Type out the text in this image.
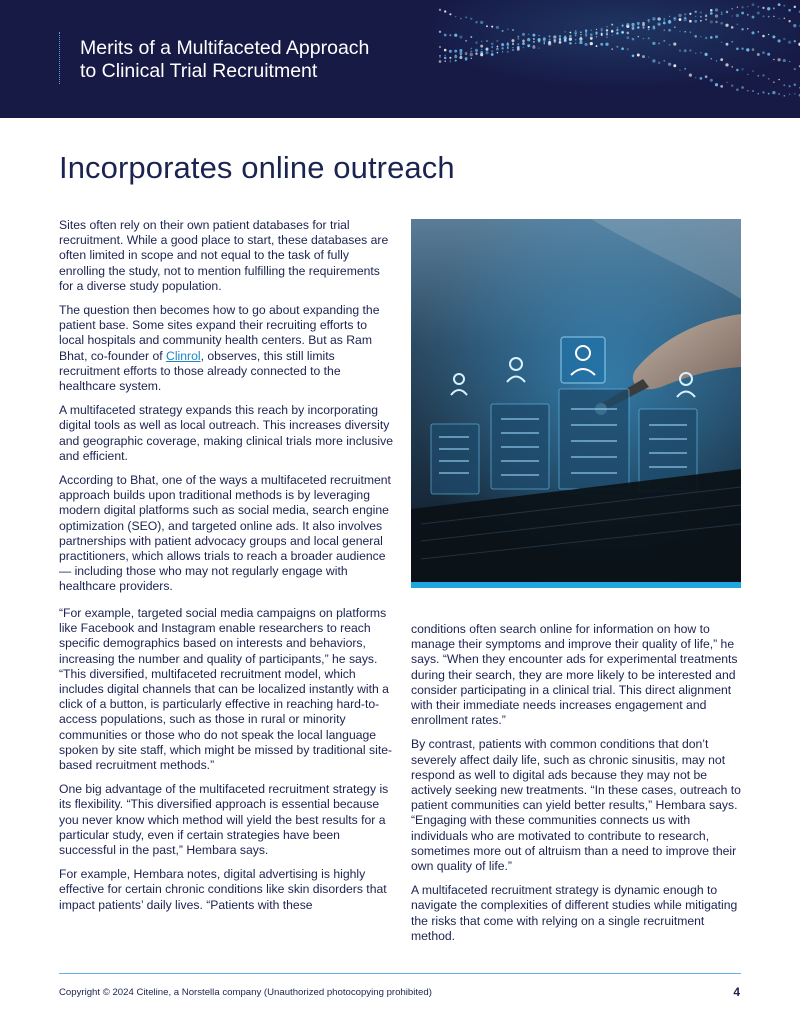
Merits of a Multifaceted Approach
to Clinical Trial Recruitment
Incorporates online outreach

Sites often rely on their own patient databases for trial recruitment. While a good place to start, these databases are often limited in scope and not equal to the task of fully enrolling the study, not to mention fulfilling the requirements for a diverse study population.

The question then becomes how to go about expanding the patient base. Some sites expand their recruiting efforts to local hospitals and community health centers. But as Ram Bhat, co-founder of Clinrol, observes, this still limits recruitment efforts to those already connected to the healthcare system.

A multifaceted strategy expands this reach by incorporating digital tools as well as local outreach. This increases diversity and geographic coverage, making clinical trials more inclusive and efficient.

According to Bhat, one of the ways a multifaceted recruitment approach builds upon traditional methods is by leveraging modern digital platforms such as social media, search engine optimization (SEO), and targeted online ads. It also involves partnerships with patient advocacy groups and local general practitioners, which allows trials to reach a broader audience — including those who may not regularly engage with healthcare providers.

“For example, targeted social media campaigns on platforms like Facebook and Instagram enable researchers to reach specific demographics based on interests and behaviors, increasing the number and quality of participants,” he says. “This diversified, multifaceted recruitment model, which includes digital channels that can be localized instantly with a click of a button, is particularly effective in reaching hard-to-access populations, such as those in rural or minority communities or those who do not speak the local language spoken by site staff, which might be missed by traditional site-based recruitment methods.”

One big advantage of the multifaceted recruitment strategy is its flexibility. “This diversified approach is essential because you never know which method will yield the best results for a particular study, even if certain strategies have been successful in the past,” Hembara says.

For example, Hembara notes, digital advertising is highly effective for certain chronic conditions like skin disorders that impact patients’ daily lives. “Patients with these

conditions often search online for information on how to manage their symptoms and improve their quality of life,” he says. “When they encounter ads for experimental treatments during their search, they are more likely to be interested and consider participating in a clinical trial. This direct alignment with their immediate needs increases engagement and enrollment rates.”

By contrast, patients with common conditions that don’t severely affect daily life, such as chronic sinusitis, may not respond as well to digital ads because they may not be actively seeking new treatments. “In these cases, outreach to patient communities can yield better results,” Hembara says. “Engaging with these communities connects us with individuals who are motivated to contribute to research, sometimes more out of altruism than a need to improve their own quality of life.”

A multifaceted recruitment strategy is dynamic enough to navigate the complexities of different studies while mitigating the risks that come with relying on a single recruitment method.

Copyright © 2024 Citeline, a Norstella company (Unauthorized photocopying prohibited)	4
